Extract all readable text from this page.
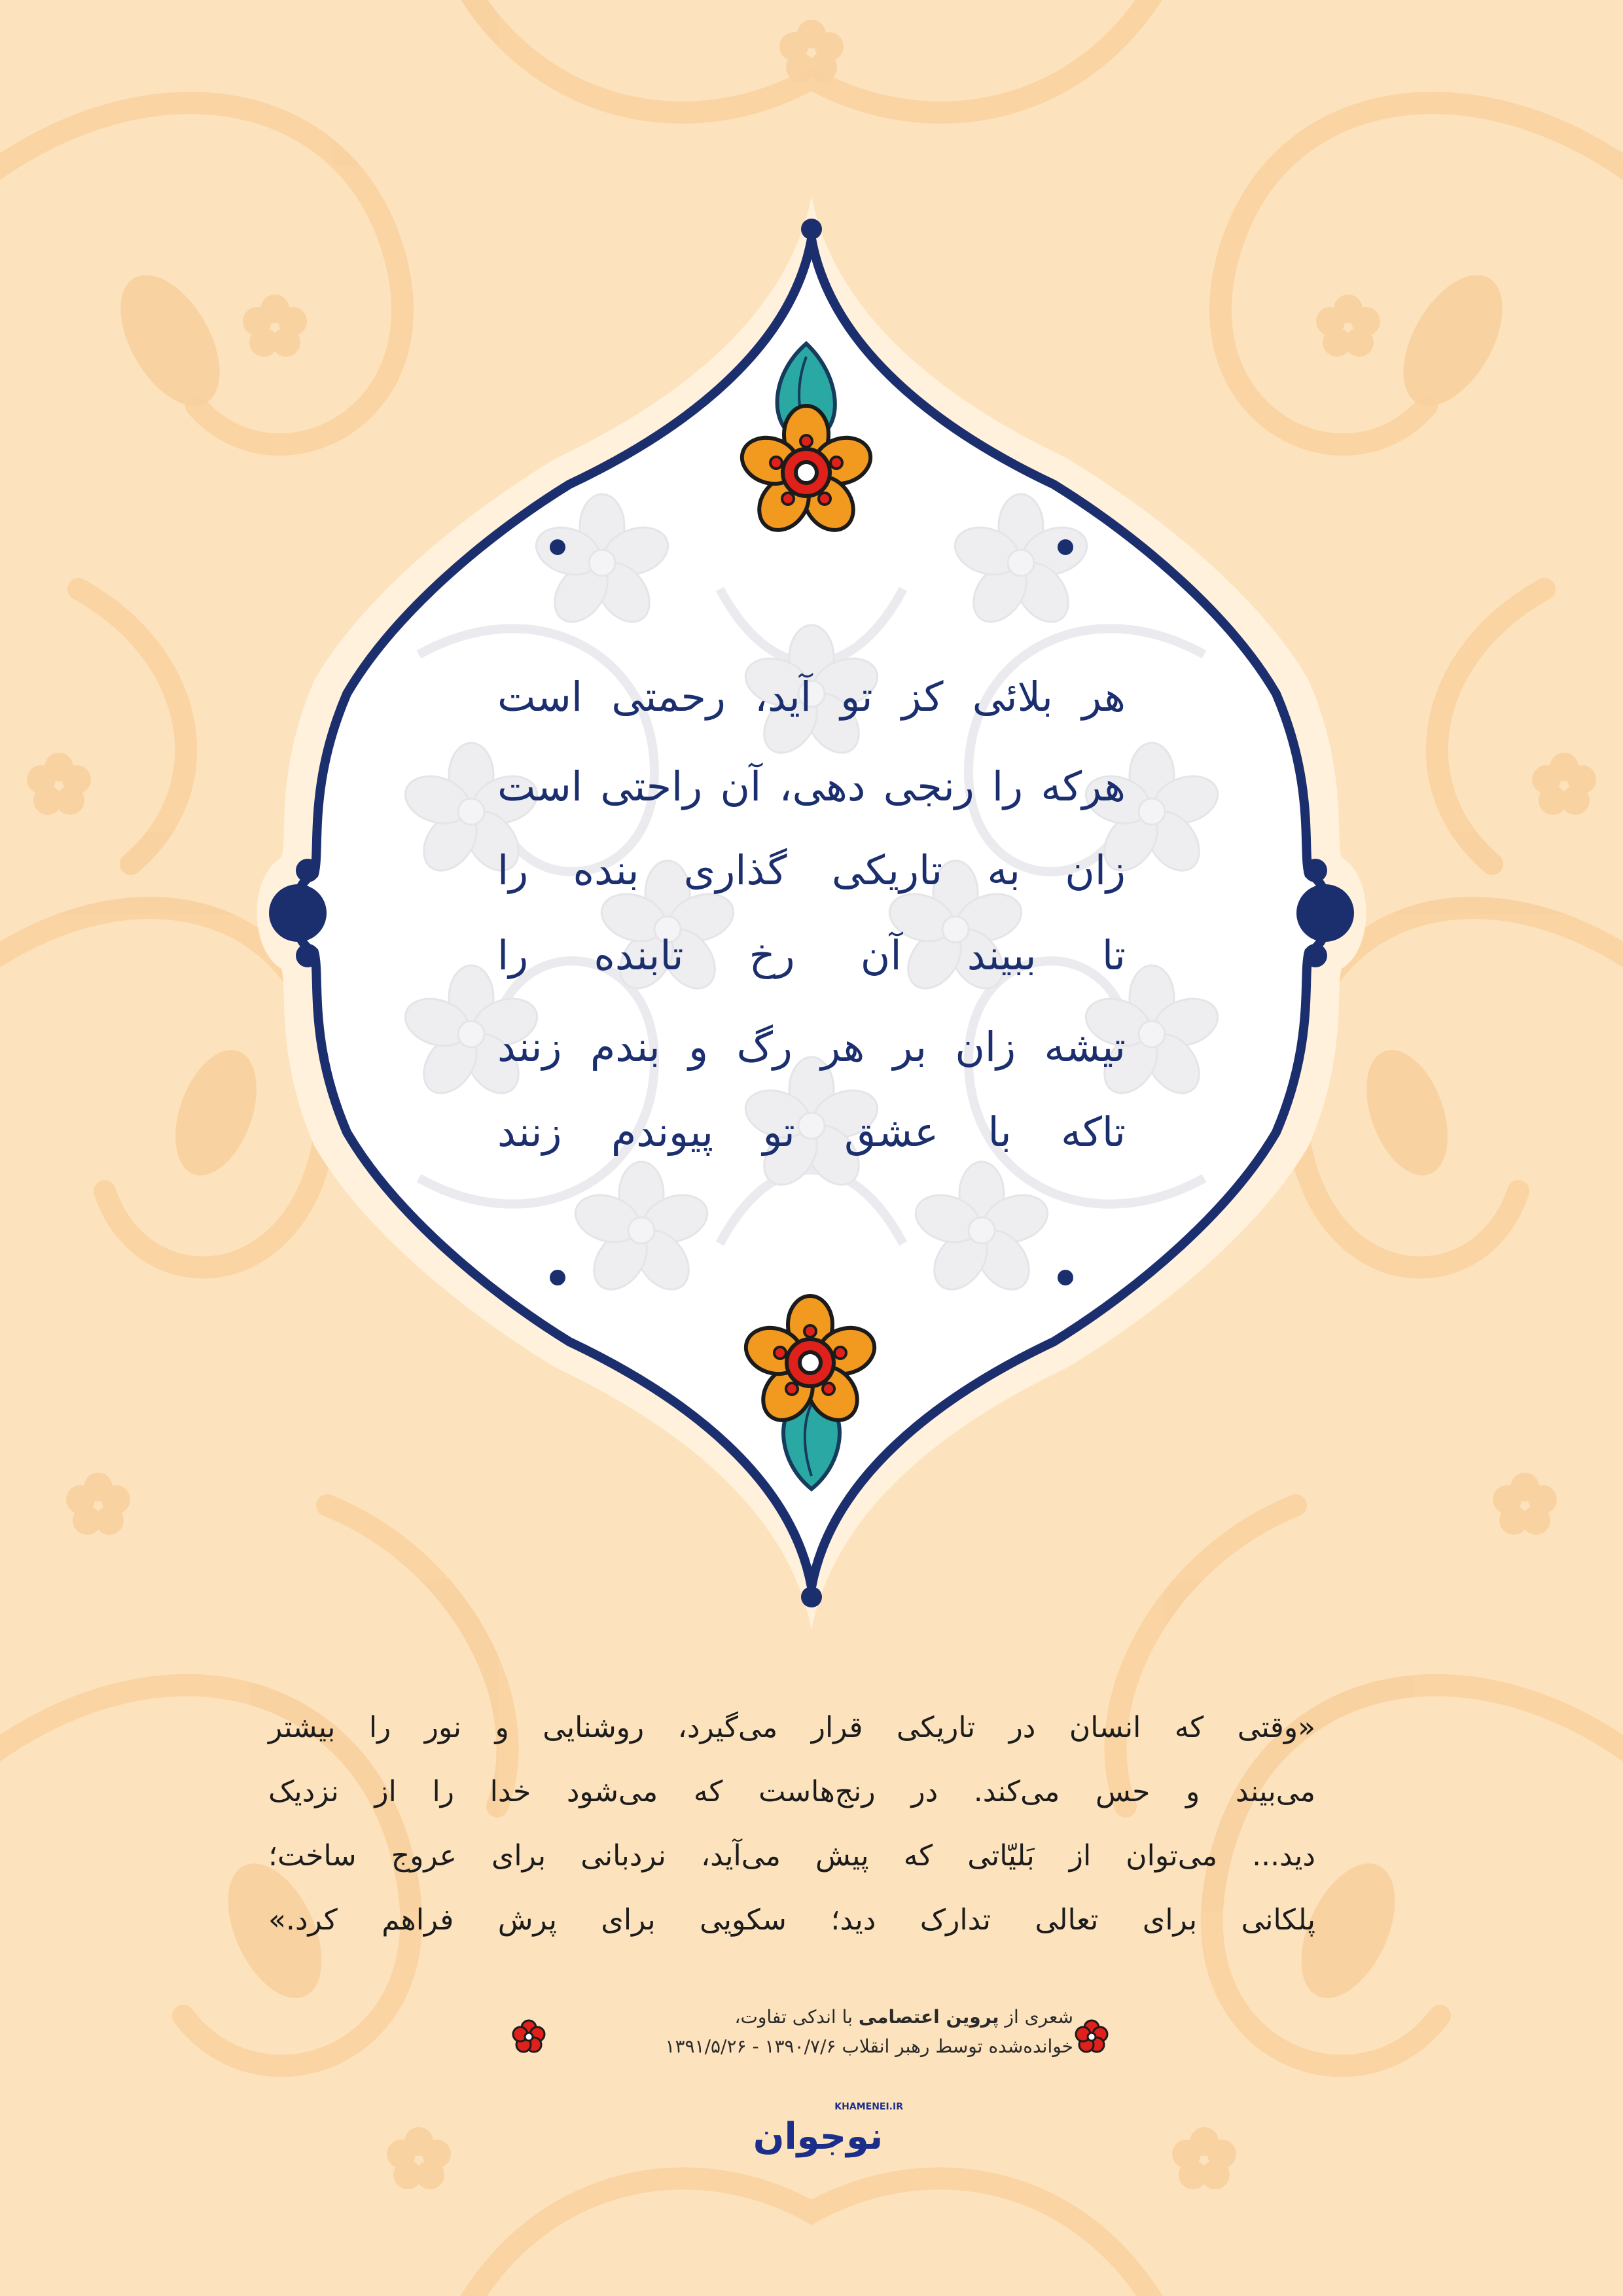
هر بلائی کز تو آید، رحمتی است
هرکه را رنجی دهی، آن راحتی است
زان به تاریکی گذاری بنده را
تا ببیند آن رخ تابنده را
تیشه زان بر هر رگ و بندم زنند
تاکه با عشق تو پیوندم زنند
«وقتی که انسان در تاریکی قرار می‌گیرد، روشنایی و نور را بیشتر
می‌بیند و حس می‌کند. در رنج‌هاست که می‌شود خدا را از نزدیک
دید... می‌توان از بَلیّاتی که پیش می‌آید، نردبانی برای عروج ساخت؛
پلکانی برای تعالی تدارک دید؛ سکویی برای پرش فراهم کرد.»
شعری از پروین اعتصامی با اندکی تفاوت،
خوانده‌شده توسط رهبر انقلاب ۱۳۹۰/۷/۶ - ۱۳۹۱/۵/۲۶
KHAMENEI.IR
نوجوان
